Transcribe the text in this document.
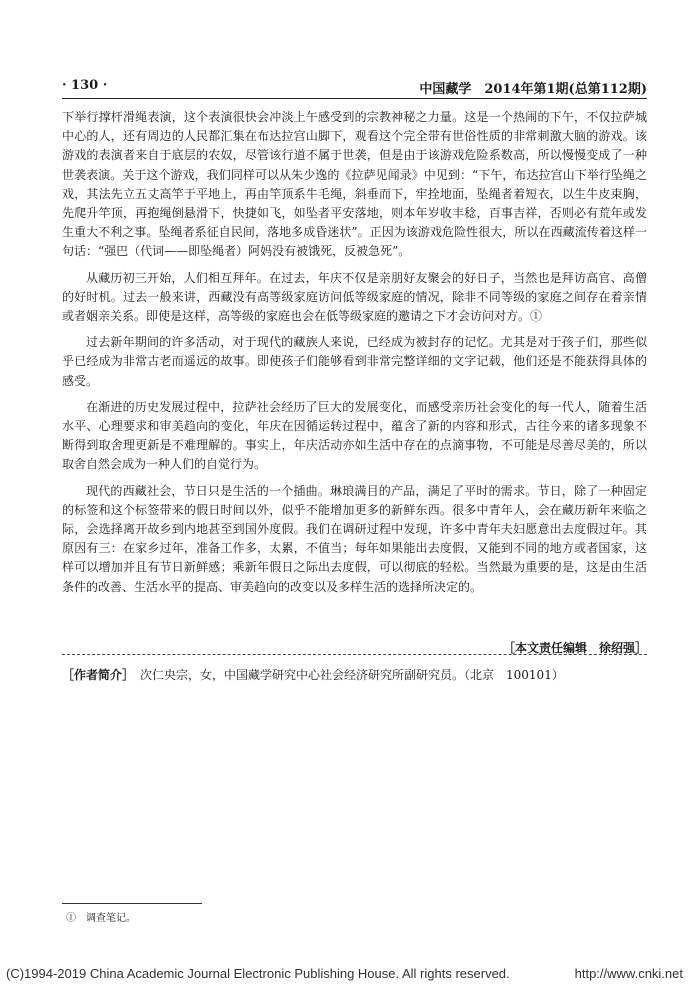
· 130 ·	中国藏学　2014年第1期(总第112期)

下举行撑杆滑绳表演，这个表演很快会冲淡上午感受到的宗教神秘之力量。这是一个热闹的下午，不仅拉萨城中心的人，还有周边的人民都汇集在布达拉宫山脚下，观看这个完全带有世俗性质的非常刺激大脑的游戏。该游戏的表演者来自于底层的农奴，尽管该行道不属于世袭，但是由于该游戏危险系数高，所以慢慢变成了一种世袭表演。关于这个游戏，我们同样可以从朱少逸的《拉萨见闻录》中见到：“下午，布达拉宫山下举行坠绳之戏，其法先立五丈高竿于平地上，再由竿顶系牛毛绳，斜垂而下，牢拴地面，坠绳者着短衣，以生牛皮束胸，先爬升竿顶，再抱绳倒悬滑下，快捷如飞，如坠者平安落地，则本年岁收丰稔，百事吉祥，否则必有荒年或发生重大不利之事。坠绳者系征自民间，落地多成昏迷状”。正因为该游戏危险性很大，所以在西藏流传着这样一句话：“强巴（代词——即坠绳者）阿妈没有被饿死，反被急死”。

从藏历初三开始，人们相互拜年。在过去，年庆不仅是亲朋好友聚会的好日子，当然也是拜访高官、高僧的好时机。过去一般来讲，西藏没有高等级家庭访问低等级家庭的情况，除非不同等级的家庭之间存在着亲情或者姻亲关系。即使是这样，高等级的家庭也会在低等级家庭的邀请之下才会访问对方。①

过去新年期间的许多活动，对于现代的藏族人来说，已经成为被封存的记忆。尤其是对于孩子们，那些似乎已经成为非常古老而遥远的故事。即使孩子们能够看到非常完整详细的文字记载，他们还是不能获得具体的感受。

在渐进的历史发展过程中，拉萨社会经历了巨大的发展变化，而感受亲历社会变化的每一代人，随着生活水平、心理要求和审美趋向的变化，年庆在因循运转过程中，蕴含了新的内容和形式，古往今来的诸多现象不断得到取舍理更新是不难理解的。事实上，年庆活动亦如生活中存在的点滴事物，不可能是尽善尽美的，所以取舍自然会成为一种人们的自觉行为。

现代的西藏社会，节日只是生活的一个插曲。琳琅满目的产品，满足了平时的需求。节日，除了一种固定的标签和这个标签带来的假日时间以外，似乎不能增加更多的新鲜东西。很多中青年人，会在藏历新年来临之际，会选择离开故乡到内地甚至到国外度假。我们在调研过程中发现，许多中青年夫妇愿意出去度假过年。其原因有三：在家乡过年，准备工作多，太累，不值当；每年如果能出去度假，又能到不同的地方或者国家，这样可以增加并且有节日新鲜感；乘新年假日之际出去度假，可以彻底的轻松。当然最为重要的是，这是由生活条件的改善、生活水平的提高、审美趋向的改变以及多样生活的选择所决定的。

［本文责任编辑　徐绍强］
［作者简介］ 次仁央宗，女，中国藏学研究中心社会经济研究所副研究员。（北京　100101）
①　调查笔记。
(C)1994-2019 China Academic Journal Electronic Publishing House. All rights reserved.	http://www.cnki.net
